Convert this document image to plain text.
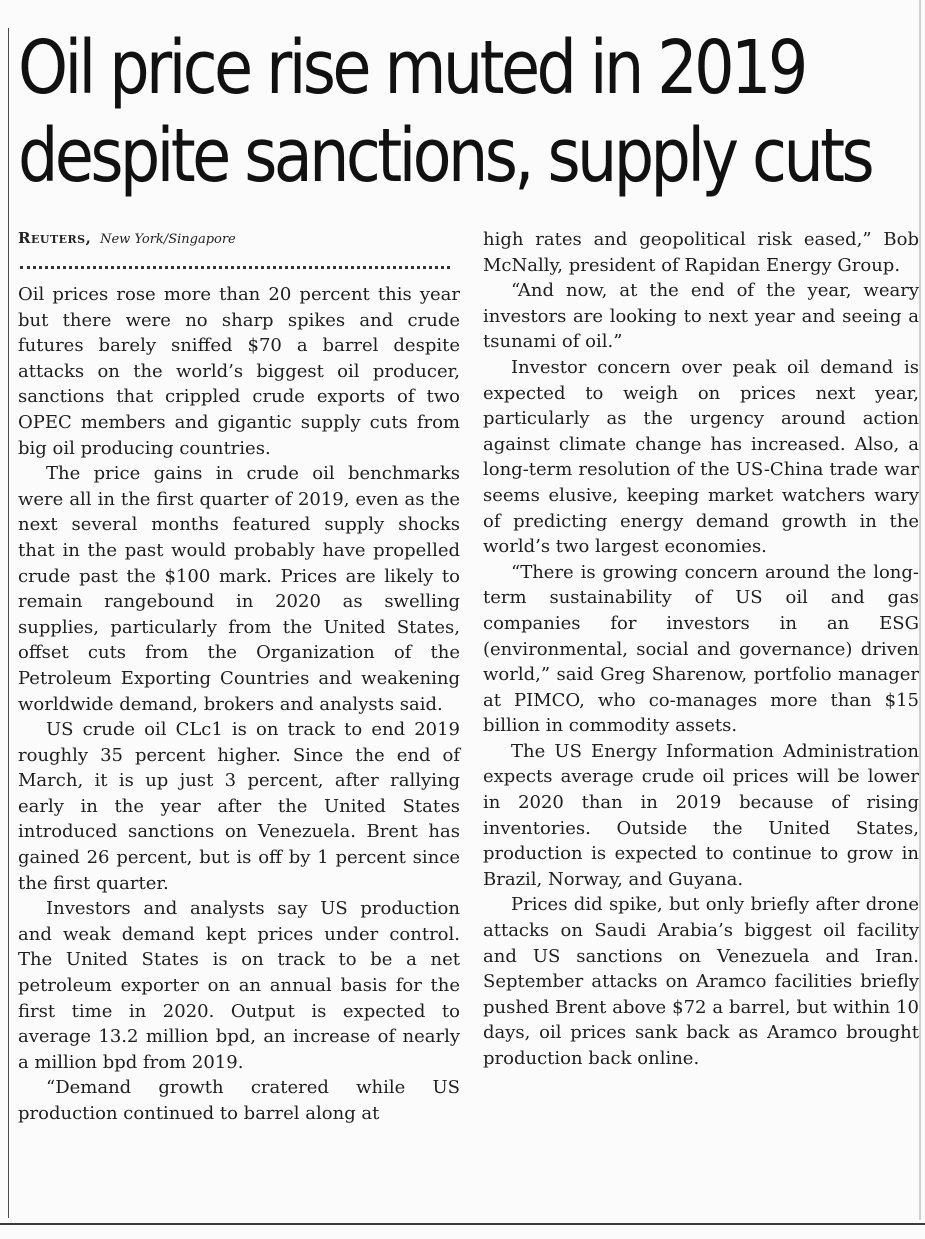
Oil price rise muted in 2019
despite sanctions, supply cuts
Reuters, New York/Singapore

Oil prices rose more than 20 percent this year but there were no sharp spikes and crude futures barely sniffed $70 a barrel despite attacks on the world’s biggest oil producer, sanctions that crippled crude exports of two OPEC members and gigantic supply cuts from big oil producing countries.

The price gains in crude oil benchmarks were all in the first quarter of 2019, even as the next several months featured supply shocks that in the past would probably have propelled crude past the $100 mark. Prices are likely to remain rangebound in 2020 as swelling supplies, particularly from the United States, offset cuts from the Organization of the Petroleum Exporting Countries and weakening worldwide demand, brokers and analysts said.

US crude oil CLc1 is on track to end 2019 roughly 35 percent higher. Since the end of March, it is up just 3 percent, after rallying early in the year after the United States introduced sanctions on Venezuela. Brent has gained 26 percent, but is off by 1 percent since the first quarter.

Investors and analysts say US production and weak demand kept prices under control. The United States is on track to be a net petroleum exporter on an annual basis for the first time in 2020. Output is expected to average 13.2 million bpd, an increase of nearly a million bpd from 2019.

“Demand growth cratered while US production continued to barrel along at

high rates and geopolitical risk eased,” Bob McNally, president of Rapidan Energy Group.

“And now, at the end of the year, weary investors are looking to next year and seeing a tsunami of oil.”

Investor concern over peak oil demand is expected to weigh on prices next year, particularly as the urgency around action against climate change has increased. Also, a long-term resolution of the US-China trade war seems elusive, keeping market watchers wary of predicting energy demand growth in the world’s two largest economies.

“There is growing concern around the long-term sustainability of US oil and gas companies for investors in an ESG (environmental, social and governance) driven world,” said Greg Sharenow, portfolio manager at PIMCO, who co-manages more than $15 billion in commodity assets.

The US Energy Information Administration expects average crude oil prices will be lower in 2020 than in 2019 because of rising inventories. Outside the United States, production is expected to continue to grow in Brazil, Norway, and Guyana.

Prices did spike, but only briefly after drone attacks on Saudi Arabia’s biggest oil facility and US sanctions on Venezuela and Iran. September attacks on Aramco facilities briefly pushed Brent above $72 a barrel, but within 10 days, oil prices sank back as Aramco brought production back online.
